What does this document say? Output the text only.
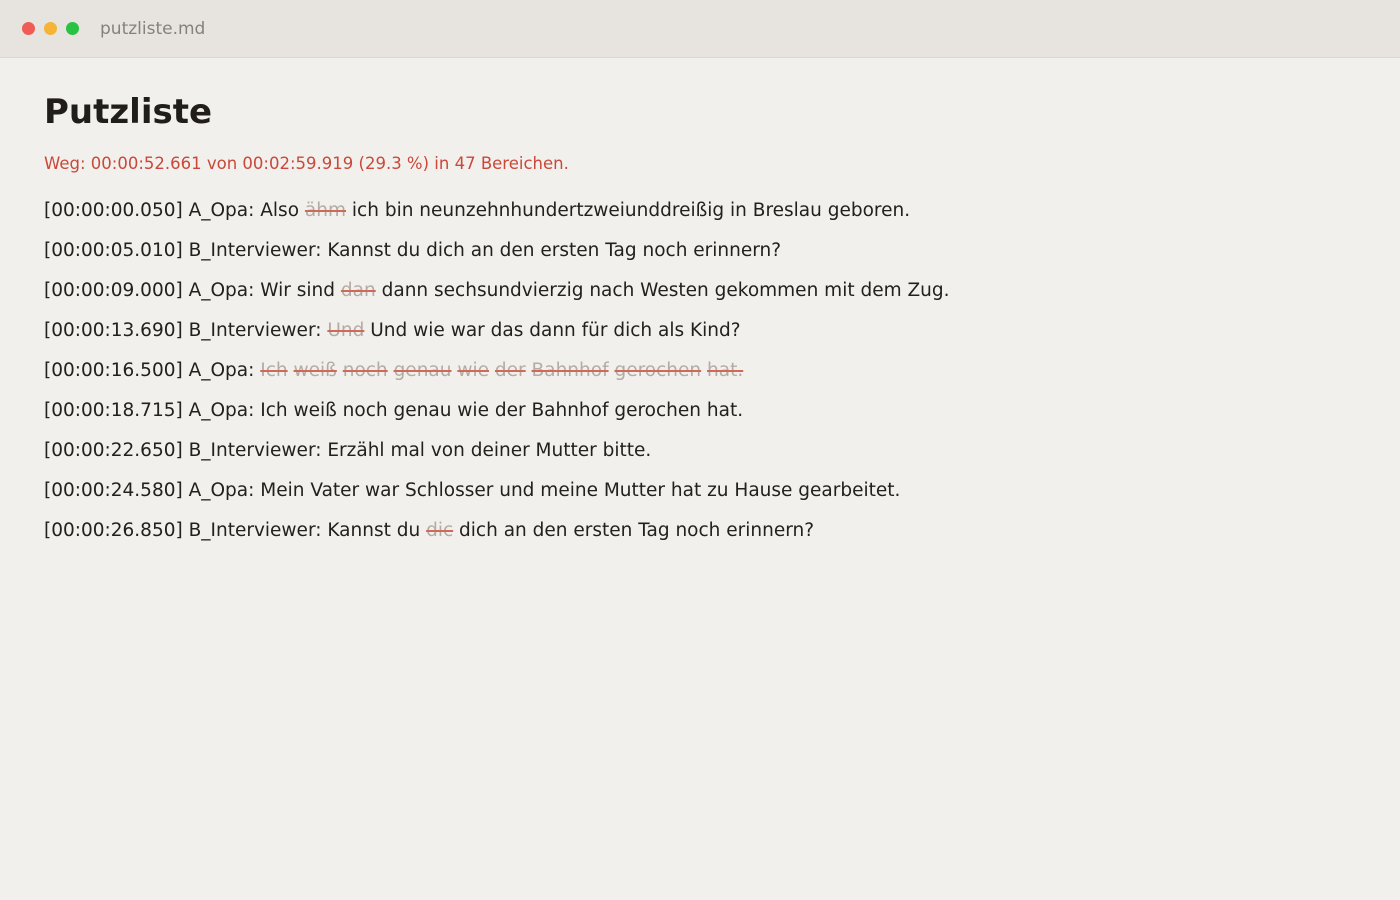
putzliste.md
Putzliste
Weg: 00:00:52.661 von 00:02:59.919 (29.3 %) in 47 Bereichen.
[00:00:00.050] A_Opa: Also ähm ich bin neunzehnhundertzweiunddreißig in Breslau geboren.
[00:00:05.010] B_Interviewer: Kannst du dich an den ersten Tag noch erinnern?
[00:00:09.000] A_Opa: Wir sind dan dann sechsundvierzig nach Westen gekommen mit dem Zug.
[00:00:13.690] B_Interviewer: Und Und wie war das dann für dich als Kind?
[00:00:16.500] A_Opa: Ich weiß noch genau wie der Bahnhof gerochen hat.
[00:00:18.715] A_Opa: Ich weiß noch genau wie der Bahnhof gerochen hat.
[00:00:22.650] B_Interviewer: Erzähl mal von deiner Mutter bitte.
[00:00:24.580] A_Opa: Mein Vater war Schlosser und meine Mutter hat zu Hause gearbeitet.
[00:00:26.850] B_Interviewer: Kannst du dic dich an den ersten Tag noch erinnern?
